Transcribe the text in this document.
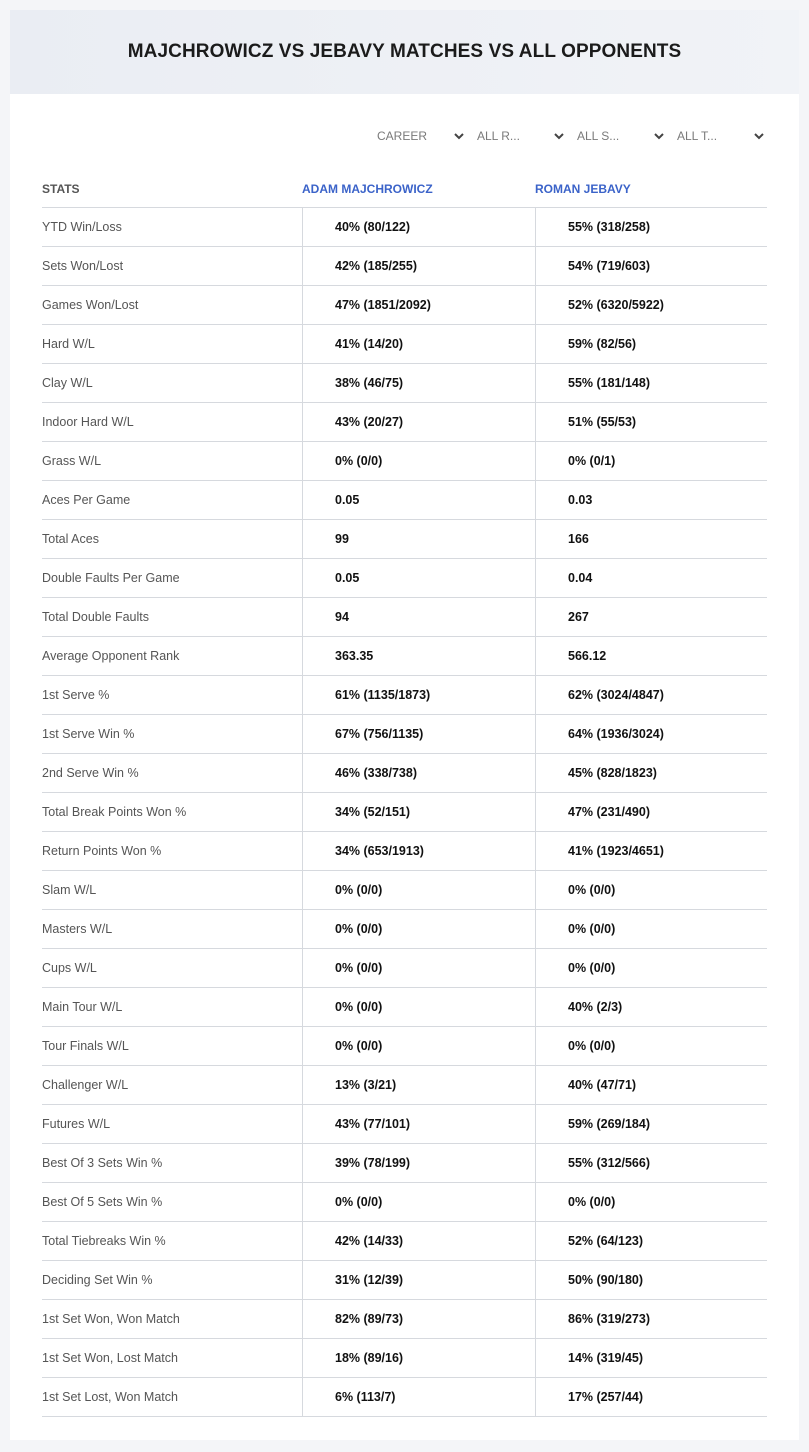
MAJCHROWICZ VS JEBAVY MATCHES VS ALL OPPONENTS
CAREER	ALL R...	ALL S...	ALL T...
STATS	ADAM MAJCHROWICZ	ROMAN JEBAVY
YTD Win/Loss	40% (80/122)	55% (318/258)
Sets Won/Lost	42% (185/255)	54% (719/603)
Games Won/Lost	47% (1851/2092)	52% (6320/5922)
Hard W/L	41% (14/20)	59% (82/56)
Clay W/L	38% (46/75)	55% (181/148)
Indoor Hard W/L	43% (20/27)	51% (55/53)
Grass W/L	0% (0/0)	0% (0/1)
Aces Per Game	0.05	0.03
Total Aces	99	166
Double Faults Per Game	0.05	0.04
Total Double Faults	94	267
Average Opponent Rank	363.35	566.12
1st Serve %	61% (1135/1873)	62% (3024/4847)
1st Serve Win %	67% (756/1135)	64% (1936/3024)
2nd Serve Win %	46% (338/738)	45% (828/1823)
Total Break Points Won %	34% (52/151)	47% (231/490)
Return Points Won %	34% (653/1913)	41% (1923/4651)
Slam W/L	0% (0/0)	0% (0/0)
Masters W/L	0% (0/0)	0% (0/0)
Cups W/L	0% (0/0)	0% (0/0)
Main Tour W/L	0% (0/0)	40% (2/3)
Tour Finals W/L	0% (0/0)	0% (0/0)
Challenger W/L	13% (3/21)	40% (47/71)
Futures W/L	43% (77/101)	59% (269/184)
Best Of 3 Sets Win %	39% (78/199)	55% (312/566)
Best Of 5 Sets Win %	0% (0/0)	0% (0/0)
Total Tiebreaks Win %	42% (14/33)	52% (64/123)
Deciding Set Win %	31% (12/39)	50% (90/180)
1st Set Won, Won Match	82% (89/73)	86% (319/273)
1st Set Won, Lost Match	18% (89/16)	14% (319/45)
1st Set Lost, Won Match	6% (113/7)	17% (257/44)
